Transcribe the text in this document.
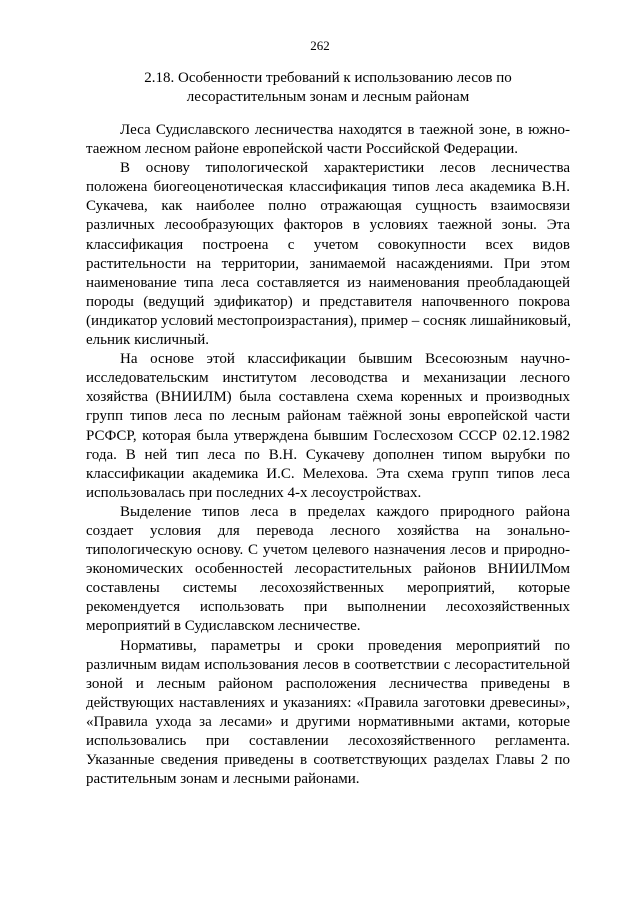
262
2.18. Особенности требований к использованию лесов по
лесорастительным зонам и лесным районам
Леса Судиславского лесничества находятся в таежной зоне, в южно-
таежном лесном районе европейской части Российской Федерации.
В основу типологической характеристики лесов лесничества
положена биогеоценотическая классификация типов леса академика В.Н.
Сукачева, как наиболее полно отражающая сущность взаимосвязи
различных лесообразующих факторов в условиях таежной зоны. Эта
классификация построена с учетом совокупности всех видов
растительности на территории, занимаемой насаждениями. При этом
наименование типа леса составляется из наименования преобладающей
породы (ведущий эдификатор) и представителя напочвенного покрова
(индикатор условий местопроизрастания), пример – сосняк лишайниковый,
ельник кисличный.
На основе этой классификации бывшим Всесоюзным научно-
исследовательским институтом лесоводства и механизации лесного
хозяйства (ВНИИЛМ) была составлена схема коренных и производных
групп типов леса по лесным районам таёжной зоны европейской части
РСФСР, которая была утверждена бывшим Гослесхозом СССР 02.12.1982
года. В ней тип леса по В.Н. Сукачеву дополнен типом вырубки по
классификации академика И.С. Мелехова. Эта схема групп типов леса
использовалась при последних 4-х лесоустройствах.
Выделение типов леса в пределах каждого природного района
создает условия для перевода лесного хозяйства на зонально-
типологическую основу. С учетом целевого назначения лесов и природно-
экономических особенностей лесорастительных районов ВНИИЛМом
составлены системы лесохозяйственных мероприятий, которые
рекомендуется использовать при выполнении лесохозяйственных
мероприятий в Судиславском лесничестве.
Нормативы, параметры и сроки проведения мероприятий по
различным видам использования лесов в соответствии с лесорастительной
зоной и лесным районом расположения лесничества приведены в
действующих наставлениях и указаниях: «Правила заготовки древесины»,
«Правила ухода за лесами» и другими нормативными актами, которые
использовались при составлении лесохозяйственного регламента.
Указанные сведения приведены в соответствующих разделах Главы 2 по
растительным зонам и лесными районами.
